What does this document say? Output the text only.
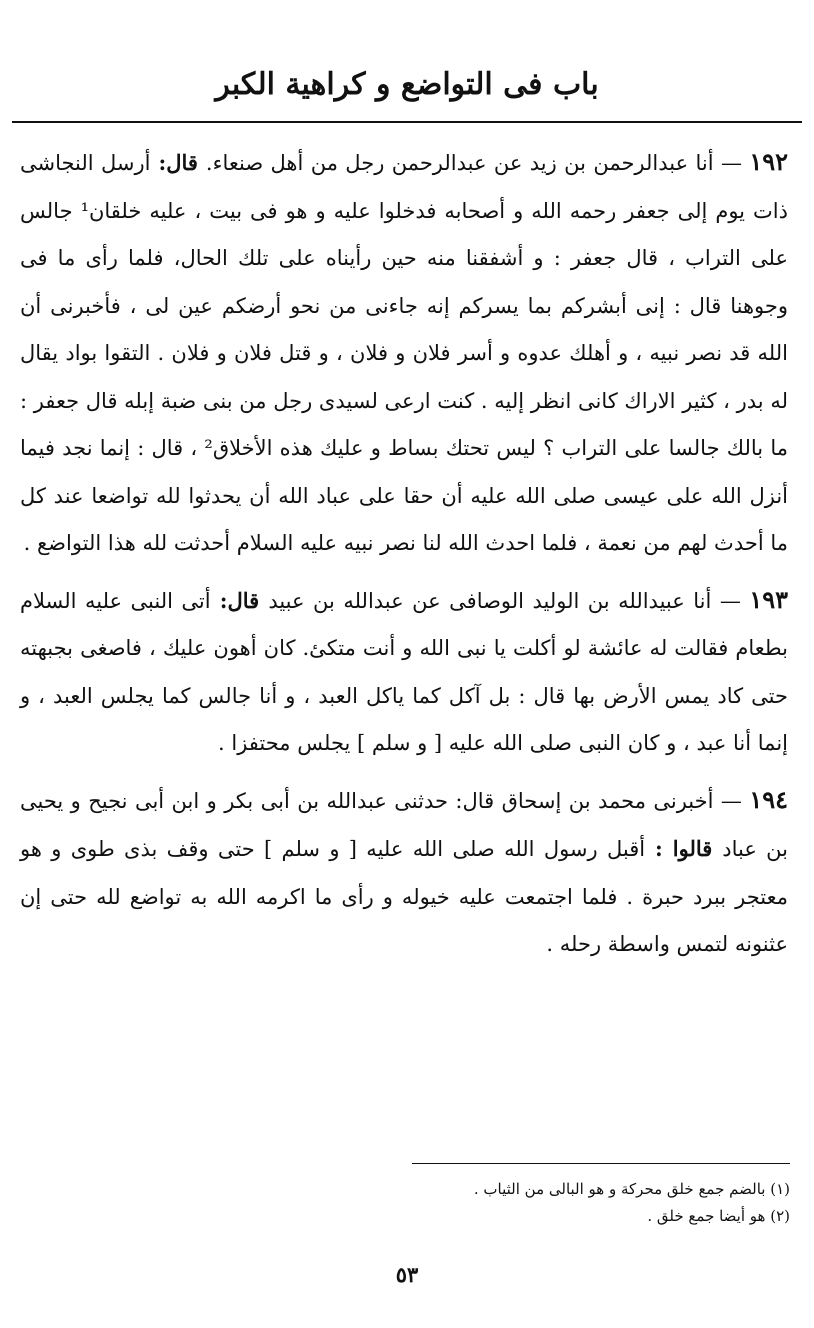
باب فى التواضع و كراهية الكبر

١٩٢ — أنا عبدالرحمن بن زيد عن عبدالرحمن رجل من أهل صنعاء. قال: أرسل النجاشى ذات يوم إلى جعفر رحمه الله و أصحابه فدخلوا عليه و هو فى بيت ، عليه خلقان¹ جالس على التراب ، قال جعفر : و أشفقنا منه حين رأيناه على تلك الحال، فلما رأى ما فى وجوهنا قال : إنى أبشركم بما يسركم إنه جاءنى من نحو أرضكم عين لى ، فأخبرنى أن الله قد نصر نبيه ، و أهلك عدوه و أسر فلان و فلان ، و قتل فلان و فلان . التقوا بواد يقال له بدر ، كثير الاراك كانى انظر إليه . كنت ارعى لسيدى رجل من بنى ضبة إبله قال جعفر : ما بالك جالسا على التراب ؟ ليس تحتك بساط و عليك هذه الأخلاق² ، قال : إنما نجد فيما أنزل الله على عيسى صلى الله عليه أن حقا على عباد الله أن يحدثوا لله تواضعا عند كل ما أحدث لهم من نعمة ، فلما احدث الله لنا نصر نبيه عليه السلام أحدثت لله هذا التواضع .

١٩٣ — أنا عبيدالله بن الوليد الوصافى عن عبدالله بن عبيد قال: أتى النبى عليه السلام بطعام فقالت له عائشة لو أكلت يا نبى الله و أنت متكئ. كان أهون عليك ، فاصغى بجبهته حتى كاد يمس الأرض بها قال : بل آكل كما ياكل العبد ، و أنا جالس كما يجلس العبد ، و إنما أنا عبد ، و كان النبى صلى الله عليه [ و سلم ] يجلس محتفزا .

١٩٤ — أخبرنى محمد بن إسحاق قال: حدثنى عبدالله بن أبى بكر و ابن أبى نجيح و يحيى بن عباد قالوا : أقبل رسول الله صلى الله عليه [ و سلم ] حتى وقف بذى طوى و هو معتجر ببرد حبرة . فلما اجتمعت عليه خيوله و رأى ما اكرمه الله به تواضع لله حتى إن عثنونه لتمس واسطة رحله .

(١) بالضم جمع خلق محركة و هو البالى من الثياب .

(٢) هو أيضا جمع خلق .

٥٣
